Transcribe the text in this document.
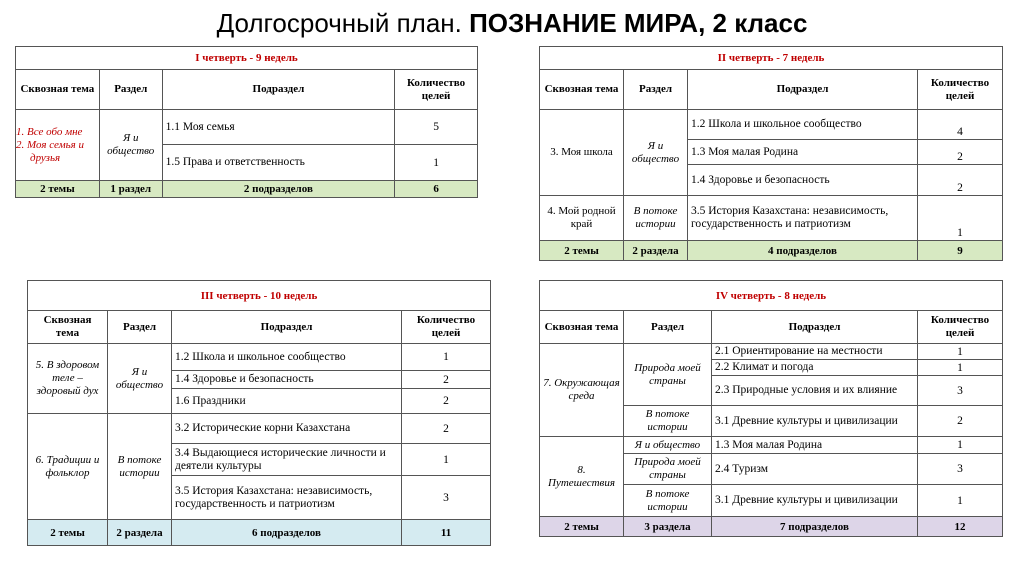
Долгосрочный план. ПОЗНАНИЕ МИРА, 2 класс
I четверть - 9 недель			
Сквозная тема	Раздел	Подраздел	Количество целей

1. Все обо мне
2. Моя семья и друзья	Я и общество	1.1 Моя семья	5
		1.5 Права и ответственность	1
2 темы	1 раздел	2 подразделов	6
II четверть - 7 недель			
Сквозная тема	Раздел	Подраздел	Количество целей
3. Моя школа	Я и общество	1.2 Школа и школьное сообщество	4
		1.3 Моя малая Родина	2
		1.4 Здоровье и безопасность	2
4. Мой родной край	В потоке истории	3.5 История Казахстана: независимость, государственность и патриотизм	1
2 темы	2 раздела	4 подразделов	9
III четверть - 10 недель			
Сквозная тема	Раздел	Подраздел	Количество целей
5. В здоровом теле – здоровый дух	Я и общество	1.2 Школа и школьное сообщество	1
		1.4 Здоровье и безопасность	2
		1.6 Праздники	2
6. Традиции и фольклор	В потоке истории	3.2 Исторические корни Казахстана	2
		3.4 Выдающиеся исторические личности и деятели культуры	1
		3.5 История Казахстана: независимость, государственность и патриотизм	3
2 темы	2 раздела	6 подразделов	11
IV четверть - 8 недель			
Сквозная тема	Раздел	Подраздел	Количество целей
7. Окружающая среда	Природа моей страны	2.1 Ориентирование на местности	1
		2.2 Климат и погода	1
		2.3 Природные условия и их влияние	3
	В потоке истории	3.1 Древние культуры и цивилизации	2
8. Путешествия	Я и общество	1.3 Моя малая Родина	1
	Природа моей страны	2.4 Туризм	3
	В потоке истории	3.1 Древние культуры и цивилизации	1
2 темы	3 раздела	7 подразделов	12
